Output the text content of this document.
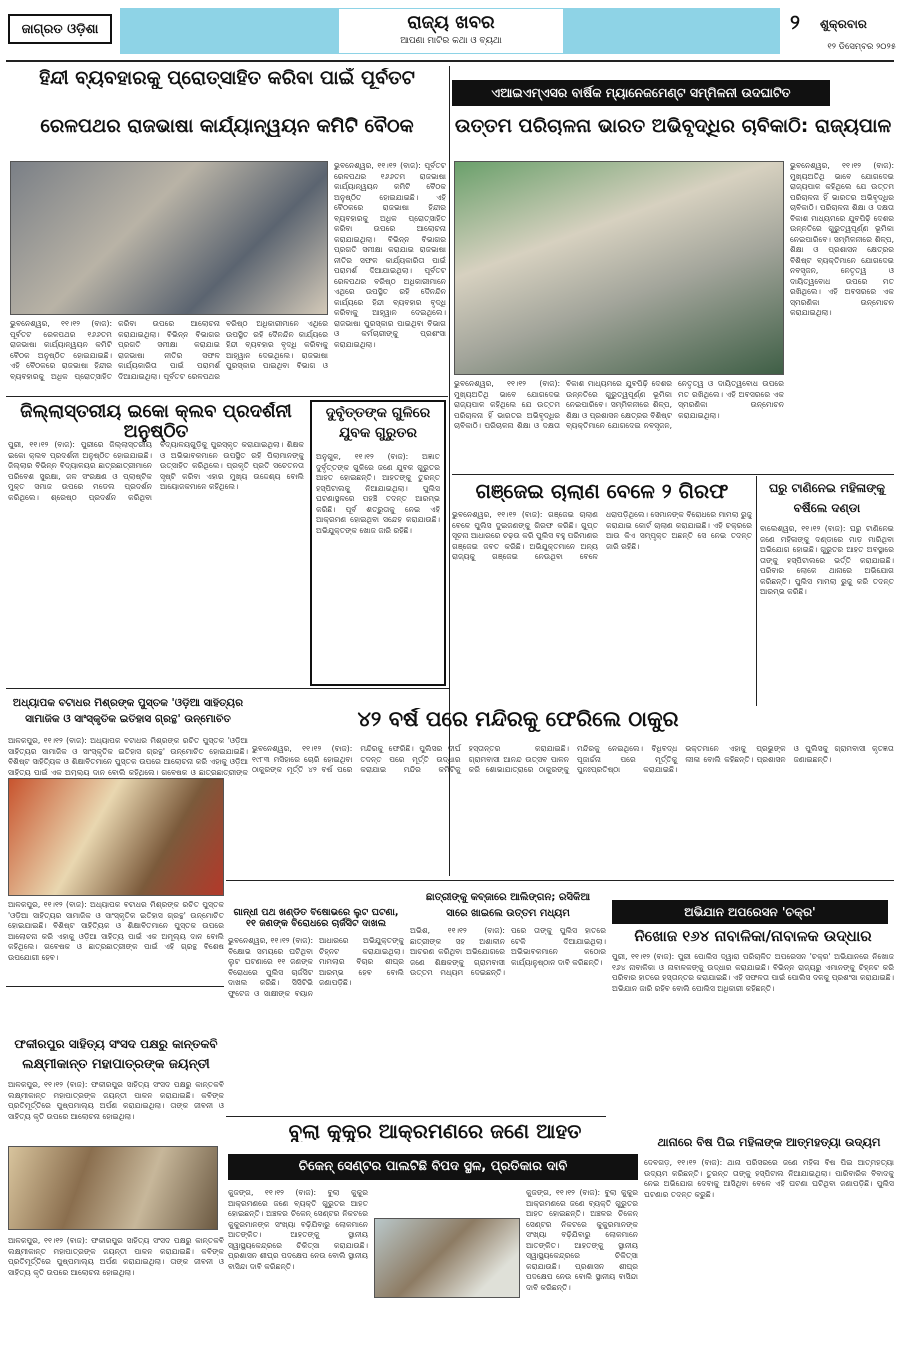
ଜାଗ୍ରତ ଓଡ଼ିଶା	ରାଜ୍ୟ ଖବର
ଆପଣା ମାଟିର କଥା ଓ ବ୍ୟଥା
୨	ଶୁକ୍ରବାର
୧୨ ଡିସେମ୍ବର ୨୦୨୫
ହିନ୍ଦୀ ବ୍ୟବହାରକୁ ପ୍ରୋତ୍ସାହିତ କରିବା ପାଇଁ ପୂର୍ବତଟ
ରେଳପଥର ରାଜଭାଷା କାର୍ଯ୍ୟାନ୍ୱୟନ କମିଟି ବୈଠକ
ଭୁବନେଶ୍ୱର, ୧୧।୧୨ (ବାଜ): ପୂର୍ବତଟ ରେଳପଥର ୧୬୬ତମ ରାଜଭାଷା କାର୍ଯ୍ୟାନ୍ୱୟନ କମିଟି ବୈଠକ ଅନୁଷ୍ଠିତ ହୋଇଯାଇଛି। ଏହି ବୈଠକରେ ରାଜଭାଷା ହିନ୍ଦୀର ବ୍ୟବହାରକୁ ଅଧିକ ପ୍ରୋତ୍ସାହିତ କରିବା ଉପରେ ଆଲୋଚନା କରାଯାଇଥିଲା। ବିଭିନ୍ନ ବିଭାଗର ପ୍ରଗତି ସମୀକ୍ଷା କରାଯାଇ ରାଜଭାଷା ନୀତିର ସଫଳ କାର୍ଯ୍ୟକାରିତା ପାଇଁ ପରାମର୍ଶ ଦିଆଯାଇଥିଲା। ପୂର୍ବତଟ ରେଳପଥର ବରିଷ୍ଠ ଅଧିକାରୀମାନେ ଏଥିରେ ଉପସ୍ଥିତ ରହି ଦୈନନ୍ଦିନ କାର୍ଯ୍ୟରେ ହିନ୍ଦୀ ବ୍ୟବହାର ବୃଦ୍ଧି କରିବାକୁ ଆହ୍ୱାନ ଦେଇଥିଲେ। ରାଜଭାଷା ପୁରସ୍କାର ପାଇଥିବା ବିଭାଗ ଓ କର୍ମଚାରୀଙ୍କୁ ପ୍ରଶଂସା କରାଯାଇଥିଲା।
ଭୁବନେଶ୍ୱର, ୧୧।୧୨ (ବାଜ): ପୂର୍ବତଟ ରେଳପଥର ୧୬୬ତମ ରାଜଭାଷା କାର୍ଯ୍ୟାନ୍ୱୟନ କମିଟି ବୈଠକ ଅନୁଷ୍ଠିତ ହୋଇଯାଇଛି। ଏହି ବୈଠକରେ ରାଜଭାଷା ହିନ୍ଦୀର ବ୍ୟବହାରକୁ ଅଧିକ ପ୍ରୋତ୍ସାହିତ କରିବା ଉପରେ ଆଲୋଚନା କରାଯାଇଥିଲା। ବିଭିନ୍ନ ବିଭାଗର ପ୍ରଗତି ସମୀକ୍ଷା କରାଯାଇ ରାଜଭାଷା ନୀତିର ସଫଳ କାର୍ଯ୍ୟକାରିତା ପାଇଁ ପରାମର୍ଶ ଦିଆଯାଇଥିଲା। ପୂର୍ବତଟ ରେଳପଥର ବରିଷ୍ଠ ଅଧିକାରୀମାନେ ଏଥିରେ ଉପସ୍ଥିତ ରହି ଦୈନନ୍ଦିନ କାର୍ଯ୍ୟରେ ହିନ୍ଦୀ ବ୍ୟବହାର ବୃଦ୍ଧି କରିବାକୁ ଆହ୍ୱାନ ଦେଇଥିଲେ। ରାଜଭାଷା ପୁରସ୍କାର ପାଇଥିବା ବିଭାଗ ଓ
ଏଆଇଏମ୍ଏସର ବାର୍ଷିକ ମ୍ୟାନେଜମେଣ୍ଟ ସମ୍ମିଳନୀ ଉଦଘାଟିତ
ଉତ୍ତମ ପରିଚାଳନା ଭାରତ ଅଭିବୃଦ୍ଧିର ଚାବିକାଠି: ରାଜ୍ୟପାଳ
ଭୁବନେଶ୍ୱର, ୧୧।୧୨ (ବାଜ): ମୁଖ୍ୟଅତିଥି ଭାବେ ଯୋଗଦେଇ ରାଜ୍ୟପାଳ କହିଥିଲେ ଯେ ଉତ୍ତମ ପରିଚାଳନା ହିଁ ଭାରତର ଅଭିବୃଦ୍ଧିର ଚାବିକାଠି। ପରିଚାଳନା ଶିକ୍ଷା ଓ ଦକ୍ଷତା ବିକାଶ ମାଧ୍ୟମରେ ଯୁବପିଢ଼ି ଦେଶର ଉନ୍ନତିରେ ଗୁରୁତ୍ୱପୂର୍ଣ୍ଣ ଭୂମିକା ନେଇପାରିବେ। ସମ୍ମିଳନୀରେ ଶିଳ୍ପ, ଶିକ୍ଷା ଓ ପ୍ରଶାସନ କ୍ଷେତ୍ରର ବିଶିଷ୍ଟ ବ୍ୟକ୍ତିମାନେ ଯୋଗଦେଇ ନବସୃଜନ, ନେତୃତ୍ୱ ଓ ଦାୟିତ୍ୱବୋଧ ଉପରେ ମତ ରଖିଥିଲେ। ଏହି ଅବସରରେ ଏକ ସ୍ମରଣିକା ଉନ୍ମୋଚନ କରାଯାଇଥିଲା।
ଭୁବନେଶ୍ୱର, ୧୧।୧୨ (ବାଜ): ମୁଖ୍ୟଅତିଥି ଭାବେ ଯୋଗଦେଇ ରାଜ୍ୟପାଳ କହିଥିଲେ ଯେ ଉତ୍ତମ ପରିଚାଳନା ହିଁ ଭାରତର ଅଭିବୃଦ୍ଧିର ଚାବିକାଠି। ପରିଚାଳନା ଶିକ୍ଷା ଓ ଦକ୍ଷତା ବିକାଶ ମାଧ୍ୟମରେ ଯୁବପିଢ଼ି ଦେଶର ଉନ୍ନତିରେ ଗୁରୁତ୍ୱପୂର୍ଣ୍ଣ ଭୂମିକା ନେଇପାରିବେ। ସମ୍ମିଳନୀରେ ଶିଳ୍ପ, ଶିକ୍ଷା ଓ ପ୍ରଶାସନ କ୍ଷେତ୍ରର ବିଶିଷ୍ଟ ବ୍ୟକ୍ତିମାନେ ଯୋଗଦେଇ ନବସୃଜନ, ନେତୃତ୍ୱ ଓ ଦାୟିତ୍ୱବୋଧ ଉପରେ ମତ ରଖିଥିଲେ। ଏହି ଅବସରରେ ଏକ ସ୍ମରଣିକା ଉନ୍ମୋଚନ କରାଯାଇଥିଲା।
ଜିଲ୍ଲାସ୍ତରୀୟ ଇକୋ କ୍ଲବ ପ୍ରଦର୍ଶନୀ ଅନୁଷ୍ଠିତ
ପୁରୀ, ୧୧।୧୨ (ବାଜ): ପୁରୀରେ ଜିଲ୍ଲାସ୍ତରୀୟ ଇକୋ କ୍ଲବ ପ୍ରଦର୍ଶନୀ ଅନୁଷ୍ଠିତ ହୋଇଯାଇଛି। ଜିଲ୍ଲାର ବିଭିନ୍ନ ବିଦ୍ୟାଳୟର ଛାତ୍ରଛାତ୍ରୀମାନେ ପରିବେଶ ସୁରକ୍ଷା, ଜଳ ସଂରକ୍ଷଣ ଓ ପ୍ଲାଷ୍ଟିକ ମୁକ୍ତ ସମାଜ ଉପରେ ମଡେଲ ପ୍ରଦର୍ଶନ କରିଥିଲେ। ଶ୍ରେଷ୍ଠ ପ୍ରଦର୍ଶନ କରିଥିବା ବିଦ୍ୟାଳୟଗୁଡ଼ିକୁ ପୁରସ୍କୃତ କରାଯାଇଥିଲା। ଶିକ୍ଷକ ଓ ଅଭିଭାବକମାନେ ଉପସ୍ଥିତ ରହି ପିଲାମାନଙ୍କୁ ଉତ୍ସାହିତ କରିଥିଲେ। ପ୍ରକୃତି ପ୍ରତି ସଚେତନତା ସୃଷ୍ଟି କରିବା ଏହାର ମୁଖ୍ୟ ଉଦ୍ଦେଶ୍ୟ ବୋଲି ଆୟୋଜକମାନେ କହିଥିଲେ।
ଦୁର୍ବୃତ୍ତଙ୍କ ଗୁଳିରେ
ଯୁବକ ଗୁରୁତର
ଅନୁଗୁଳ, ୧୧।୧୨ (ବାଜ): ଅଜ୍ଞାତ ଦୁର୍ବୃତ୍ତଙ୍କ ଗୁଳିରେ ଜଣେ ଯୁବକ ଗୁରୁତର ଆହତ ହୋଇଛନ୍ତି। ଆହତଙ୍କୁ ତୁରନ୍ତ ହସ୍ପିଟାଲକୁ ନିଆଯାଇଥିଲା। ପୁଲିସ ଘଟଣାସ୍ଥଳରେ ପହଞ୍ଚି ତଦନ୍ତ ଆରମ୍ଭ କରିଛି। ପୂର୍ବ ଶତ୍ରୁତାକୁ ନେଇ ଏହି ଆକ୍ରମଣ ହୋଇଥିବା ସନ୍ଦେହ କରାଯାଉଛି। ଅଭିଯୁକ୍ତଙ୍କ ଖୋଜ ଜାରି ରହିଛି।
ଗଞ୍ଜେଇ ଚାଲାଣ ବେଳେ ୨ ଗିରଫ
ଭୁବନେଶ୍ୱର, ୧୧।୧୨ (ବାଜ): ଗଞ୍ଜେଇ ଚାଲାଣ ବେଳେ ପୁଲିସ ଦୁଇଜଣଙ୍କୁ ଗିରଫ କରିଛି। ଗୁପ୍ତ ସୂଚନା ଆଧାରରେ ଚଢ଼ଉ କରି ପୁଲିସ ବହୁ ପରିମାଣର ଗଞ୍ଜେଇ ଜବତ କରିଛି। ଅଭିଯୁକ୍ତମାନେ ଅନ୍ୟ ରାଜ୍ୟକୁ ଗଞ୍ଜେଇ ନେଉଥିବା ବେଳେ ଧରାପଡ଼ିଥିଲେ। ସେମାନଙ୍କ ବିରୋଧରେ ମାମଲା ରୁଜୁ କରାଯାଇ କୋର୍ଟ ଚାଲାଣ କରାଯାଇଛି। ଏହି ଚକ୍ରରେ ଆଉ କିଏ ସମ୍ପୃକ୍ତ ଅଛନ୍ତି ସେ ନେଇ ତଦନ୍ତ ଜାରି ରହିଛି।
ଘରୁ ଟାଣିନେଇ ମହିଳାଙ୍କୁ
ବର୍ଷିଲେ ଦଣ୍ଡା
ବାଲେଶ୍ୱର, ୧୧।୧୨ (ବାଜ): ଘରୁ ଟାଣିନେଇ ଜଣେ ମହିଳାଙ୍କୁ ଦଣ୍ଡାରେ ମାଡ଼ ମାରିଥିବା ଅଭିଯୋଗ ହୋଇଛି। ଗୁରୁତର ଆହତ ଅବସ୍ଥାରେ ତାଙ୍କୁ ହସ୍ପିଟାଲରେ ଭର୍ତ୍ତି କରାଯାଇଛି। ପରିବାର ଲୋକେ ଥାନାରେ ଅଭିଯୋଗ କରିଛନ୍ତି। ପୁଲିସ ମାମଲା ରୁଜୁ କରି ତଦନ୍ତ ଆରମ୍ଭ କରିଛି।
ଅଧ୍ୟାପକ ବଟାଧର ମିଶ୍ରଙ୍କ ପୁସ୍ତକ 'ଓଡ଼ିଆ ସାହିତ୍ୟର
ସାମାଜିକ ଓ ସାଂସ୍କୃତିକ ଇତିହାସ ଗ୍ରନ୍ଥ' ଉନ୍ମୋଚିତ
ଆଳକପୁର, ୧୧।୧୨ (ବାଜ): ଅଧ୍ୟାପକ ବଟାଧର ମିଶ୍ରଙ୍କ ରଚିତ ପୁସ୍ତକ 'ଓଡ଼ିଆ ସାହିତ୍ୟର ସାମାଜିକ ଓ ସାଂସ୍କୃତିକ ଇତିହାସ ଗ୍ରନ୍ଥ' ଉନ୍ମୋଚିତ ହୋଇଯାଇଛି। ବିଶିଷ୍ଟ ସାହିତ୍ୟିକ ଓ ଶିକ୍ଷାବିତମାନେ ପୁସ୍ତକ ଉପରେ ଆଲୋଚନା କରି ଏହାକୁ ଓଡ଼ିଆ ସାହିତ୍ୟ ପାଇଁ ଏକ ଅମୂଲ୍ୟ ଦାନ ବୋଲି କହିଥିଲେ। ଗବେଷକ ଓ ଛାତ୍ରଛାତ୍ରୀଙ୍କ
୪୨ ବର୍ଷ ପରେ ମନ୍ଦିରକୁ ଫେରିଲେ ଠାକୁର
ଭୁବନେଶ୍ୱର, ୧୧।୧୨ (ବାଜ): ୧୯୮୩ ମସିହାରେ ଚୋରି ହୋଇଥିବା ଠାକୁରଙ୍କ ମୂର୍ତ୍ତି ୪୨ ବର୍ଷ ପରେ ମନ୍ଦିରକୁ ଫେରିଛି। ପୁଲିସର ଦୀର୍ଘ ତଦନ୍ତ ପରେ ମୂର୍ତ୍ତି ଉଦ୍ଧାର କରାଯାଇ ମନ୍ଦିର କମିଟିକୁ ହସ୍ତାନ୍ତର କରାଯାଇଛି। ଗ୍ରାମବାସୀ ଆନନ୍ଦ ଉତ୍ସବ ପାଳନ କରି ଶୋଭାଯାତ୍ରାରେ ଠାକୁରଙ୍କୁ ମନ୍ଦିରକୁ ନେଇଥିଲେ। ବିଧିବଦ୍ଧ ପୂଜାର୍ଚ୍ଚନା ପରେ ମୂର୍ତ୍ତିକୁ ପୁନଃପ୍ରତିଷ୍ଠା କରାଯାଇଛି। ଭକ୍ତମାନେ ଏହାକୁ ପ୍ରଭୁଙ୍କ ଲୀଳା ବୋଲି କହିଛନ୍ତି। ପ୍ରଶାସନ ଓ ପୁଲିସକୁ ଗ୍ରାମବାସୀ କୃତଜ୍ଞତା ଜଣାଇଛନ୍ତି।
ଆଳକପୁର, ୧୧।୧୨ (ବାଜ): ଅଧ୍ୟାପକ ବଟାଧର ମିଶ୍ରଙ୍କ ରଚିତ ପୁସ୍ତକ 'ଓଡ଼ିଆ ସାହିତ୍ୟର ସାମାଜିକ ଓ ସାଂସ୍କୃତିକ ଇତିହାସ ଗ୍ରନ୍ଥ' ଉନ୍ମୋଚିତ ହୋଇଯାଇଛି। ବିଶିଷ୍ଟ ସାହିତ୍ୟିକ ଓ ଶିକ୍ଷାବିତମାନେ ପୁସ୍ତକ ଉପରେ ଆଲୋଚନା କରି ଏହାକୁ ଓଡ଼ିଆ ସାହିତ୍ୟ ପାଇଁ ଏକ ଅମୂଲ୍ୟ ଦାନ ବୋଲି କହିଥିଲେ। ଗବେଷକ ଓ ଛାତ୍ରଛାତ୍ରୀଙ୍କ ପାଇଁ ଏହି ଗ୍ରନ୍ଥ ବିଶେଷ ଉପଯୋଗୀ ହେବ।
ଗାନ୍ଧୀ ପଥ ଖଣ୍ଡିତ ବିଷୋଭରେ ଲୁଟ ଘଟଣା, ୧୧ ଜଣଙ୍କ ବିରୋଧରେ ଚାର୍ଜସିଟ ଦାଖଲ
ଭୁବନେଶ୍ୱର, ୧୧।୧୨ (ବାଜ): ବିକ୍ଷୋଭ ସମୟରେ ଘଟିଥିବା ଲୁଟ ଘଟଣାରେ ୧୧ ଜଣଙ୍କ ବିରୋଧରେ ପୁଲିସ ଚାର୍ଜସିଟ ଦାଖଲ କରିଛି। ସିସିଟିଭି ଫୁଟେଜ ଓ ସାକ୍ଷୀଙ୍କ ବୟାନ ଆଧାରରେ ଅଭିଯୁକ୍ତଙ୍କୁ ଚିହ୍ନଟ କରାଯାଇଥିଲା। ମାମଲାର ବିଚାର ଶୀଘ୍ର ଆରମ୍ଭ ହେବ ବୋଲି ଜଣାପଡ଼ିଛି।
ଛାତ୍ରୀଙ୍କୁ କବ୍ଜାରେ ଆଲିଙ୍ଗନ; ରସିକିଆ
ସାରେ ଖାଇଲେ ଉତ୍ତମ ମଧ୍ୟମ
ଅଭିଶ, ୧୧।୧୨ (ବାଜ): ଛାତ୍ରୀଙ୍କ ସହ ଅଶାଳୀନ ଆଚରଣ କରିଥିବା ଅଭିଯୋଗରେ ଜଣେ ଶିକ୍ଷକଙ୍କୁ ଗ୍ରାମବାସୀ ଉତ୍ତମ ମଧ୍ୟମ ଦେଇଛନ୍ତି। ପରେ ତାଙ୍କୁ ପୁଲିସ ହାତରେ ଟେକି ଦିଆଯାଇଥିଲା। ଅଭିଭାବକମାନେ କଠୋର କାର୍ଯ୍ୟାନୁଷ୍ଠାନ ଦାବି କରିଛନ୍ତି।
ଅଭିଯାନ ଅପରେସନ 'ଚକ୍ର'
ନିଖୋଜ ୧୬୪ ନାବାଳିକା/ନାବାଳକ ଉଦ୍ଧାର
ପୁରୀ, ୧୧।୧୨ (ବାଜ): ପୁରୀ ପୋଲିସ ଦ୍ୱାରା ପରିଚାଳିତ ଅପରେସନ 'ଚକ୍ର' ଅଭିଯାନରେ ନିଖୋଜ ୧୬୪ ନାବାଳିକା ଓ ନାବାଳକଙ୍କୁ ଉଦ୍ଧାର କରାଯାଇଛି। ବିଭିନ୍ନ ରାଜ୍ୟରୁ ଏମାନଙ୍କୁ ଚିହ୍ନଟ କରି ପରିବାର ହାତରେ ହସ୍ତାନ୍ତର କରାଯାଇଛି। ଏହି ସଫଳତା ପାଇଁ ପୋଲିସ ଦଳକୁ ପ୍ରଶଂସା କରାଯାଇଛି। ଅଭିଯାନ ଜାରି ରହିବ ବୋଲି ପୋଲିସ ଅଧିକାରୀ କହିଛନ୍ତି।
ଫକୀରପୁର ସାହିତ୍ୟ ସଂସଦ ପକ୍ଷରୁ କାନ୍ତକବି
ଲକ୍ଷ୍ମୀକାନ୍ତ ମହାପାତ୍ରଙ୍କ ଜୟନ୍ତୀ
ଆଳକପୁର, ୧୧।୧୨ (ବାଜ): ଫକୀରପୁର ସାହିତ୍ୟ ସଂସଦ ପକ୍ଷରୁ କାନ୍ତକବି ଲକ୍ଷ୍ମୀକାନ୍ତ ମହାପାତ୍ରଙ୍କ ଜୟନ୍ତୀ ପାଳନ କରାଯାଇଛି। କବିଙ୍କ ପ୍ରତିମୂର୍ତ୍ତିରେ ପୁଷ୍ପମାଲ୍ୟ ଅର୍ପଣ କରାଯାଇଥିଲା। ତାଙ୍କ ଜୀବନୀ ଓ ସାହିତ୍ୟ କୃତି ଉପରେ ଆଲୋଚନା ହୋଇଥିଲା।
ଆଳକପୁର, ୧୧।୧୨ (ବାଜ): ଫକୀରପୁର ସାହିତ୍ୟ ସଂସଦ ପକ୍ଷରୁ କାନ୍ତକବି ଲକ୍ଷ୍ମୀକାନ୍ତ ମହାପାତ୍ରଙ୍କ ଜୟନ୍ତୀ ପାଳନ କରାଯାଇଛି। କବିଙ୍କ ପ୍ରତିମୂର୍ତ୍ତିରେ ପୁଷ୍ପମାଲ୍ୟ ଅର୍ପଣ କରାଯାଇଥିଲା। ତାଙ୍କ ଜୀବନୀ ଓ ସାହିତ୍ୟ କୃତି ଉପରେ ଆଲୋଚନା ହୋଇଥିଲା।
ବୁଲା କୁକୁର ଆକ୍ରମଣରେ ଜଣେ ଆହତ
ଚିକେନ୍ ସେଣ୍ଟର ପାଲଟିଛି ବିପଦ ସ୍ଥଳ, ପ୍ରତିକାର ଦାବି
କୁଜଙ୍ଗ, ୧୧।୧୨ (ବାଜ): ବୁଲା କୁକୁର ଆକ୍ରମଣରେ ଜଣେ ବ୍ୟକ୍ତି ଗୁରୁତର ଆହତ ହୋଇଛନ୍ତି। ଅଞ୍ଚଳର ଚିକେନ୍ ସେଣ୍ଟର ନିକଟରେ କୁକୁରମାନଙ୍କ ସଂଖ୍ୟା ବଢ଼ିଯିବାରୁ ଲୋକମାନେ ଆତଙ୍କିତ। ଆହତଙ୍କୁ ସ୍ଥାନୀୟ ସ୍ୱାସ୍ଥ୍ୟକେନ୍ଦ୍ରରେ ଚିକିତ୍ସା କରାଯାଉଛି। ପ୍ରଶାସନ ଶୀଘ୍ର ପଦକ୍ଷେପ ନେଉ ବୋଲି ସ୍ଥାନୀୟ ବାସିନ୍ଦା ଦାବି କରିଛନ୍ତି।
କୁଜଙ୍ଗ, ୧୧।୧୨ (ବାଜ): ବୁଲା କୁକୁର ଆକ୍ରମଣରେ ଜଣେ ବ୍ୟକ୍ତି ଗୁରୁତର ଆହତ ହୋଇଛନ୍ତି। ଅଞ୍ଚଳର ଚିକେନ୍ ସେଣ୍ଟର ନିକଟରେ କୁକୁରମାନଙ୍କ ସଂଖ୍ୟା ବଢ଼ିଯିବାରୁ ଲୋକମାନେ ଆତଙ୍କିତ। ଆହତଙ୍କୁ ସ୍ଥାନୀୟ ସ୍ୱାସ୍ଥ୍ୟକେନ୍ଦ୍ରରେ ଚିକିତ୍ସା କରାଯାଉଛି। ପ୍ରଶାସନ ଶୀଘ୍ର ପଦକ୍ଷେପ ନେଉ ବୋଲି ସ୍ଥାନୀୟ ବାସିନ୍ଦା ଦାବି କରିଛନ୍ତି।
ଥାନାରେ ବିଷ ପିଇ ମହିଳାଙ୍କ ଆତ୍ମହତ୍ୟା ଉଦ୍ୟମ
ଦେବଗଡ଼, ୧୧।୧୨ (ବାଜ): ଥାନା ପରିସରରେ ଜଣେ ମହିଳା ବିଷ ପିଇ ଆତ୍ମହତ୍ୟା ଉଦ୍ୟମ କରିଛନ୍ତି। ତୁରନ୍ତ ତାଙ୍କୁ ହସ୍ପିଟାଲ ନିଆଯାଇଥିଲା। ପାରିବାରିକ ବିବାଦକୁ ନେଇ ଅଭିଯୋଗ ଦେବାକୁ ଆସିଥିବା ବେଳେ ଏହି ଘଟଣା ଘଟିଥିବା ଜଣାପଡ଼ିଛି। ପୁଲିସ ଘଟଣାର ତଦନ୍ତ କରୁଛି।
